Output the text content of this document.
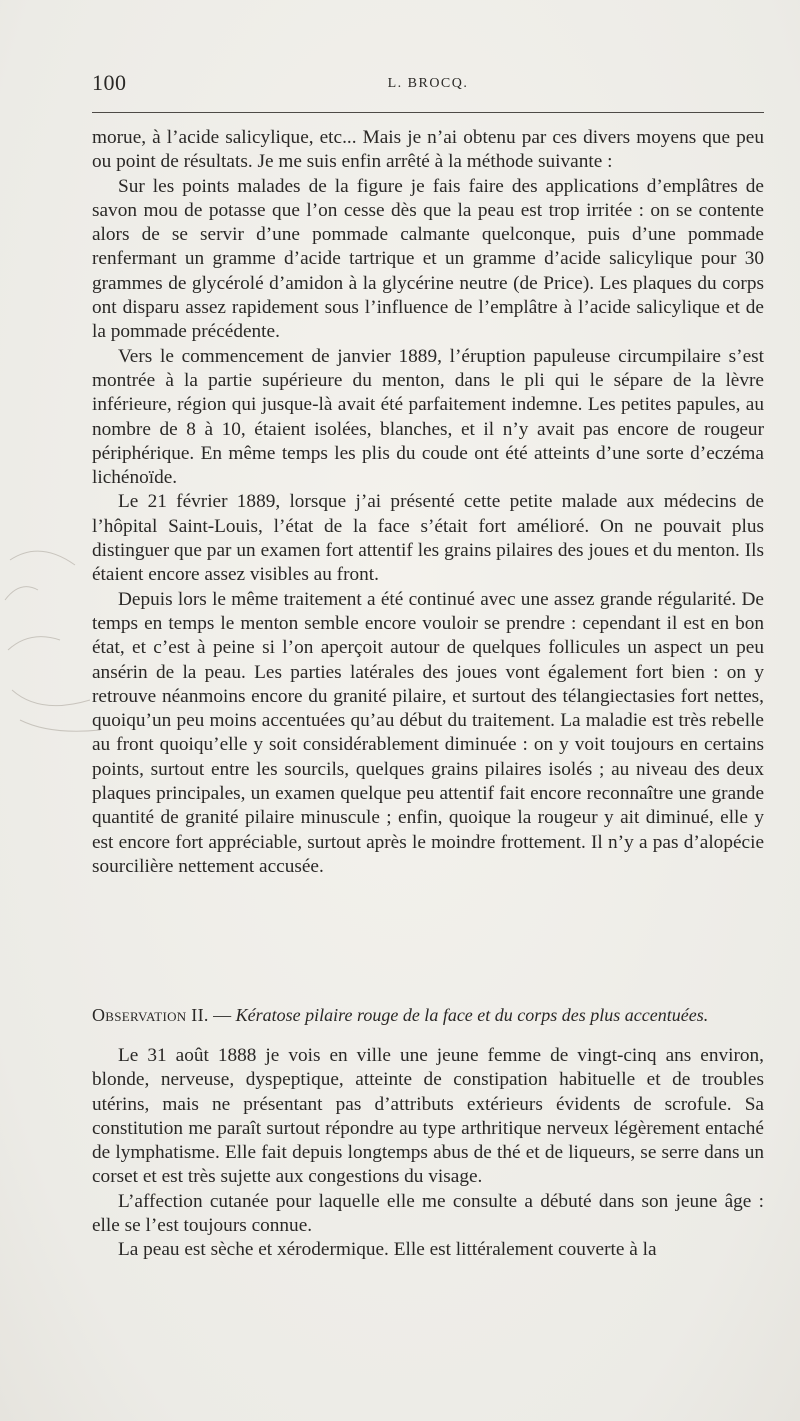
100	L. BROCQ.

morue, à l’acide salicylique, etc... Mais je n’ai obtenu par ces divers moyens que peu ou point de résultats. Je me suis enfin arrêté à la méthode suivante :

Sur les points malades de la figure je fais faire des applications d’emplâtres de savon mou de potasse que l’on cesse dès que la peau est trop irritée : on se contente alors de se servir d’une pommade calmante quelconque, puis d’une pommade renfermant un gramme d’acide tartrique et un gramme d’acide salicylique pour 30 grammes de glycérolé d’amidon à la glycérine neutre (de Price). Les plaques du corps ont disparu assez rapidement sous l’influence de l’emplâtre à l’acide salicylique et de la pommade précédente.

Vers le commencement de janvier 1889, l’éruption papuleuse circumpilaire s’est montrée à la partie supérieure du menton, dans le pli qui le sépare de la lèvre inférieure, région qui jusque-là avait été parfaitement indemne. Les petites papules, au nombre de 8 à 10, étaient isolées, blanches, et il n’y avait pas encore de rougeur périphérique. En même temps les plis du coude ont été atteints d’une sorte d’eczéma lichénoïde.

Le 21 février 1889, lorsque j’ai présenté cette petite malade aux médecins de l’hôpital Saint-Louis, l’état de la face s’était fort amélioré. On ne pouvait plus distinguer que par un examen fort attentif les grains pilaires des joues et du menton. Ils étaient encore assez visibles au front.

Depuis lors le même traitement a été continué avec une assez grande régularité. De temps en temps le menton semble encore vouloir se prendre : cependant il est en bon état, et c’est à peine si l’on aperçoit autour de quelques follicules un aspect un peu ansérin de la peau. Les parties latérales des joues vont également fort bien : on y retrouve néanmoins encore du granité pilaire, et surtout des télangiectasies fort nettes, quoiqu’un peu moins accentuées qu’au début du traitement. La maladie est très rebelle au front quoiqu’elle y soit considérablement diminuée : on y voit toujours en certains points, surtout entre les sourcils, quelques grains pilaires isolés ; au niveau des deux plaques principales, un examen quelque peu attentif fait encore reconnaître une grande quantité de granité pilaire minuscule ; enfin, quoique la rougeur y ait diminué, elle y est encore fort appréciable, surtout après le moindre frottement. Il n’y a pas d’alopécie sourcilière nettement accusée.

Observation II. — Kératose pilaire rouge de la face et du corps des plus accentuées.

Le 31 août 1888 je vois en ville une jeune femme de vingt-cinq ans environ, blonde, nerveuse, dyspeptique, atteinte de constipation habituelle et de troubles utérins, mais ne présentant pas d’attributs extérieurs évidents de scrofule. Sa constitution me paraît surtout répondre au type arthritique nerveux légèrement entaché de lymphatisme. Elle fait depuis longtemps abus de thé et de liqueurs, se serre dans un corset et est très sujette aux congestions du visage.

L’affection cutanée pour laquelle elle me consulte a débuté dans son jeune âge : elle se l’est toujours connue.

La peau est sèche et xérodermique. Elle est littéralement couverte à la
